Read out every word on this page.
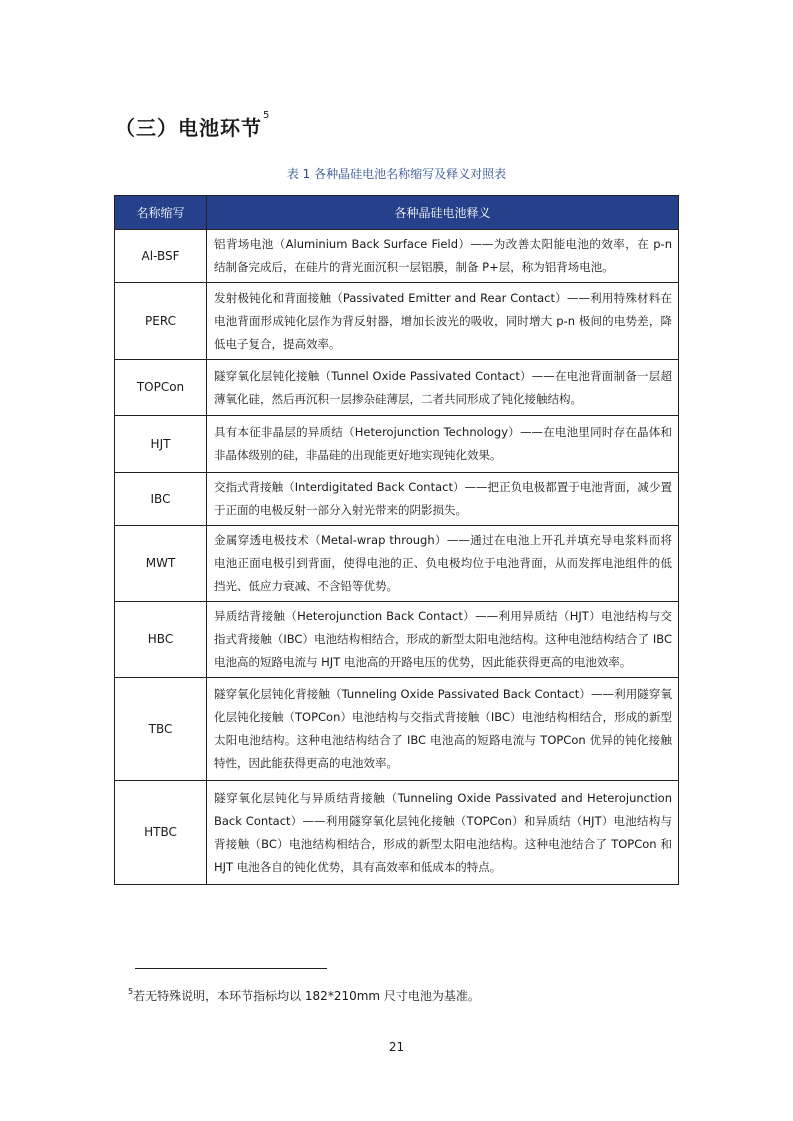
（三）电池环节$^5$
表 1 各种晶硅电池名称缩写及释义对照表
名称缩写	各种晶硅电池释义
Al-BSF	铝背场电池（Aluminium Back Surface Field）——为改善太阳能电池的效率，在 p-n 结制备完成后，在硅片的背光面沉积一层铝膜，制备 P+层，称为铝背场电池。
PERC	发射极钝化和背面接触（Passivated Emitter and Rear Contact）——利用特殊材料在电池背面形成钝化层作为背反射器，增加长波光的吸收，同时增大 p-n 极间的电势差，降低电子复合，提高效率。
TOPCon	隧穿氧化层钝化接触（Tunnel Oxide Passivated Contact）——在电池背面制备一层超薄氧化硅，然后再沉积一层掺杂硅薄层，二者共同形成了钝化接触结构。
HJT	具有本征非晶层的异质结（Heterojunction Technology）——在电池里同时存在晶体和非晶体级别的硅，非晶硅的出现能更好地实现钝化效果。
IBC	交指式背接触（Interdigitated Back Contact）——把正负电极都置于电池背面，减少置于正面的电极反射一部分入射光带来的阴影损失。
MWT	金属穿透电极技术（Metal-wrap through）——通过在电池上开孔并填充导电浆料而将电池正面电极引到背面，使得电池的正、负电极均位于电池背面，从而发挥电池组件的低挡光、低应力衰减、不含铅等优势。
HBC	异质结背接触（Heterojunction Back Contact）——利用异质结（HJT）电池结构与交指式背接触（IBC）电池结构相结合，形成的新型太阳电池结构。这种电池结构结合了 IBC 电池高的短路电流与 HJT 电池高的开路电压的优势，因此能获得更高的电池效率。
TBC	隧穿氧化层钝化背接触（Tunneling Oxide Passivated Back Contact）——利用隧穿氧化层钝化接触（TOPCon）电池结构与交指式背接触（IBC）电池结构相结合，形成的新型太阳电池结构。这种电池结构结合了 IBC 电池高的短路电流与 TOPCon 优异的钝化接触特性，因此能获得更高的电池效率。
HTBC	隧穿氧化层钝化与异质结背接触（Tunneling Oxide Passivated and Heterojunction Back Contact）——利用隧穿氧化层钝化接触（TOPCon）和异质结（HJT）电池结构与背接触（BC）电池结构相结合，形成的新型太阳电池结构。这种电池结合了 TOPCon 和 HJT 电池各自的钝化优势，具有高效率和低成本的特点。
$^5$若无特殊说明，本环节指标均以 182*210mm 尺寸电池为基准。
21
